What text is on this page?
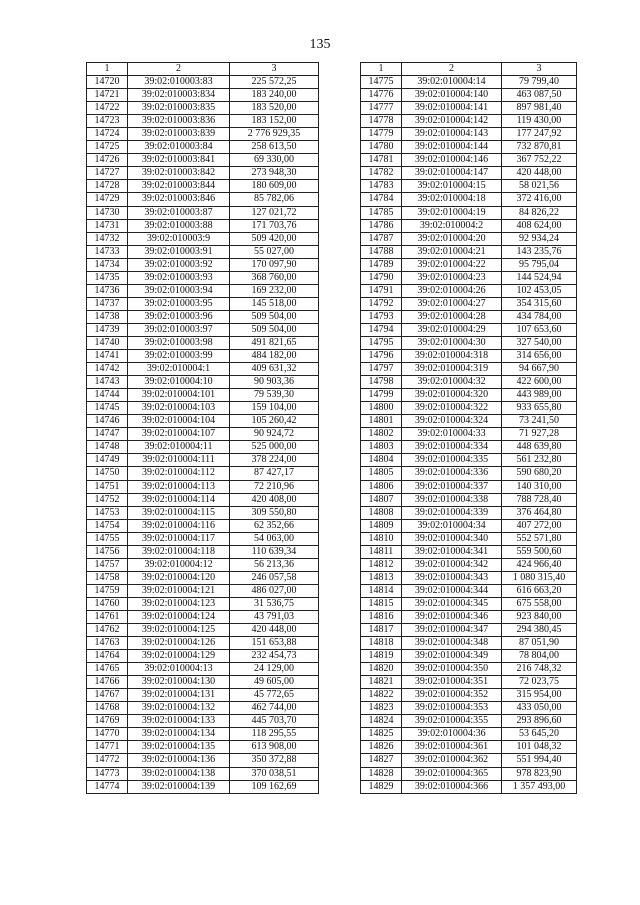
135
1	2	3
14720	39:02:010003:83	225 572,25
14721	39:02:010003:834	183 240,00
14722	39:02:010003:835	183 520,00
14723	39:02:010003:836	183 152,00
14724	39:02:010003:839	2 776 929,35
14725	39:02:010003:84	258 613,50
14726	39:02:010003:841	69 330,00
14727	39:02:010003:842	273 948,30
14728	39:02:010003:844	180 609,00
14729	39:02:010003:846	85 782,06
14730	39:02:010003:87	127 021,72
14731	39:02:010003:88	171 703,76
14732	39:02:010003:9	509 420,00
14733	39:02:010003:91	55 027,00
14734	39:02:010003:92	170 097,90
14735	39:02:010003:93	368 760,00
14736	39:02:010003:94	169 232,00
14737	39:02:010003:95	145 518,00
14738	39:02:010003:96	509 504,00
14739	39:02:010003:97	509 504,00
14740	39:02:010003:98	491 821,65
14741	39:02:010003:99	484 182,00
14742	39:02:010004:1	409 631,32
14743	39:02:010004:10	90 903,36
14744	39:02:010004:101	79 539,30
14745	39:02:010004:103	159 104,00
14746	39:02:010004:104	105 260,42
14747	39:02:010004:107	90 924,72
14748	39:02:010004:11	525 000,00
14749	39:02:010004:111	378 224,00
14750	39:02:010004:112	87 427,17
14751	39:02:010004:113	72 210,96
14752	39:02:010004:114	420 408,00
14753	39:02:010004:115	309 550,80
14754	39:02:010004:116	62 352,66
14755	39:02:010004:117	54 063,00
14756	39:02:010004:118	110 639,34
14757	39:02:010004:12	56 213,36
14758	39:02:010004:120	246 057,58
14759	39:02:010004:121	486 027,00
14760	39:02:010004:123	31 536,75
14761	39:02:010004:124	43 791,03
14762	39:02:010004:125	420 448,00
14763	39:02:010004:126	151 653,88
14764	39:02:010004:129	232 454,73
14765	39:02:010004:13	24 129,00
14766	39:02:010004:130	49 605,00
14767	39:02:010004:131	45 772,65
14768	39:02:010004:132	462 744,00
14769	39:02:010004:133	445 703,70
14770	39:02:010004:134	118 295,55
14771	39:02:010004:135	613 908,00
14772	39:02:010004:136	350 372,88
14773	39:02:010004:138	370 038,51
14774	39:02:010004:139	109 162,69
1	2	3
14775	39:02:010004:14	79 799,40
14776	39:02:010004:140	463 087,50
14777	39:02:010004:141	897 981,40
14778	39:02:010004:142	119 430,00
14779	39:02:010004:143	177 247,92
14780	39:02:010004:144	732 870,81
14781	39:02:010004:146	367 752,22
14782	39:02:010004:147	420 448,00
14783	39:02:010004:15	58 021,56
14784	39:02:010004:18	372 416,00
14785	39:02:010004:19	84 826,22
14786	39:02:010004:2	408 624,00
14787	39:02:010004:20	92 934,24
14788	39:02:010004:21	143 235,76
14789	39:02:010004:22	95 795,04
14790	39:02:010004:23	144 524,94
14791	39:02:010004:26	102 453,05
14792	39:02:010004:27	354 315,60
14793	39:02:010004:28	434 784,00
14794	39:02:010004:29	107 653,60
14795	39:02:010004:30	327 540,00
14796	39:02:010004:318	314 656,00
14797	39:02:010004:319	94 667,90
14798	39:02:010004:32	422 600,00
14799	39:02:010004:320	443 989,00
14800	39:02:010004:322	933 655,80
14801	39:02:010004:324	73 241,50
14802	39:02:010004:33	71 927,28
14803	39:02:010004:334	448 639,80
14804	39:02:010004:335	561 232,80
14805	39:02:010004:336	590 680,20
14806	39:02:010004:337	140 310,00
14807	39:02:010004:338	788 728,40
14808	39:02:010004:339	376 464,80
14809	39:02:010004:34	407 272,00
14810	39:02:010004:340	552 571,80
14811	39:02:010004:341	559 500,60
14812	39:02:010004:342	424 966,40
14813	39:02:010004:343	1 080 315,40
14814	39:02:010004:344	616 663,20
14815	39:02:010004:345	675 558,00
14816	39:02:010004:346	923 840,00
14817	39:02:010004:347	294 380,45
14818	39:02:010004:348	87 051,90
14819	39:02:010004:349	78 804,00
14820	39:02:010004:350	216 748,32
14821	39:02:010004:351	72 023,75
14822	39:02:010004:352	315 954,00
14823	39:02:010004:353	433 050,00
14824	39:02:010004:355	293 896,60
14825	39:02:010004:36	53 645,20
14826	39:02:010004:361	101 048,32
14827	39:02:010004:362	551 994,40
14828	39:02:010004:365	978 823,90
14829	39:02:010004:366	1 357 493,00
